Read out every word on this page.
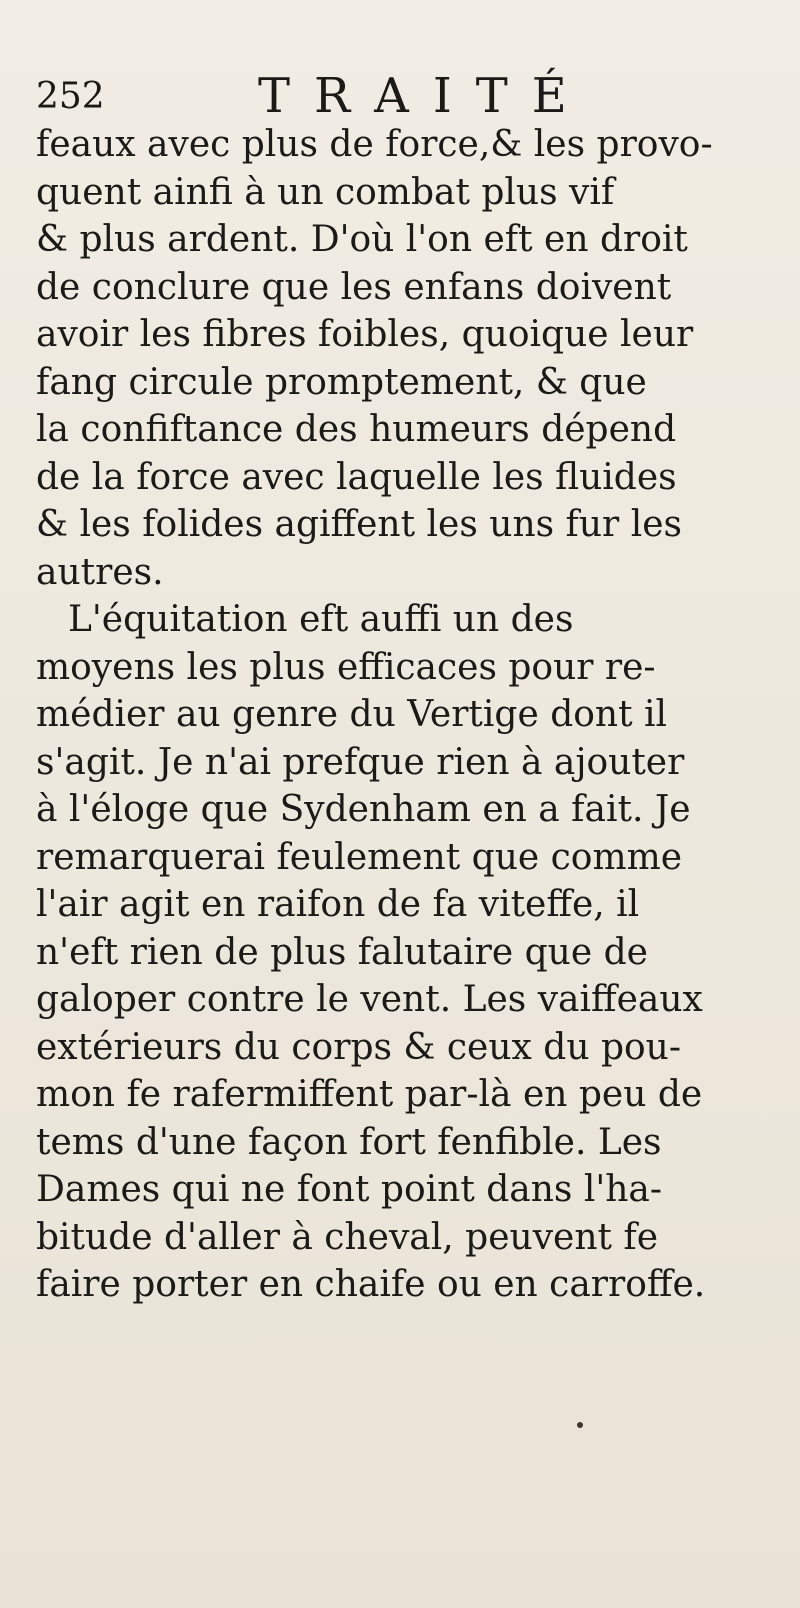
252	TRAITÉ
feaux avec plus de force,& les provo-
quent ainfi à un combat plus vif
& plus ardent. D'où l'on eft en droit
de conclure que les enfans doivent
avoir les fibres foibles, quoique leur
fang circule promptement, & que
la confiftance des humeurs dépend
de la force avec laquelle les fluides
& les folides agiffent les uns fur les
autres.
L'équitation eft auffi un des
moyens les plus efficaces pour re-
médier au genre du Vertige dont il
s'agit. Je n'ai prefque rien à ajouter
à l'éloge que Sydenham en a fait. Je
remarquerai feulement que comme
l'air agit en raifon de fa viteffe, il
n'eft rien de plus falutaire que de
galoper contre le vent. Les vaiffeaux
extérieurs du corps & ceux du pou-
mon fe rafermiffent par-là en peu de
tems d'une façon fort fenfible. Les
Dames qui ne font point dans l'ha-
bitude d'aller à cheval, peuvent fe
faire porter en chaife ou en carroffe.
